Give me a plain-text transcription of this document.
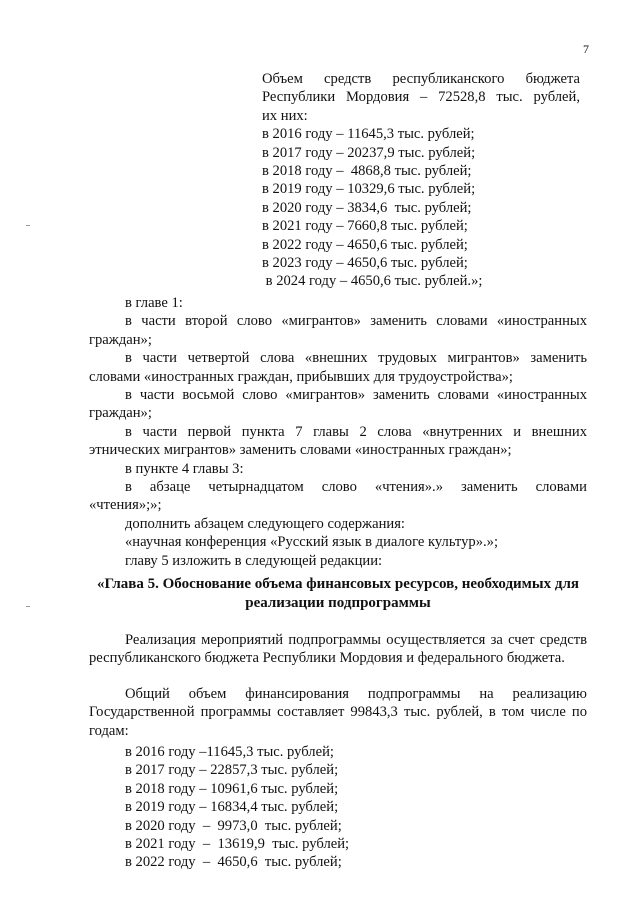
7
Объем средств республиканского бюджета
Республики Мордовия – 72528,8 тыс. рублей,
их них:
в 2016 году – 11645,3 тыс. рублей;
в 2017 году – 20237,9 тыс. рублей;
в 2018 году –  4868,8 тыс. рублей;
в 2019 году – 10329,6 тыс. рублей;
в 2020 году – 3834,6  тыс. рублей;
в 2021 году – 7660,8 тыс. рублей;
в 2022 году – 4650,6 тыс. рублей;
в 2023 году – 4650,6 тыс. рублей;
в 2024 году – 4650,6 тыс. рублей.»;

в главе 1:

в части второй слово «мигрантов» заменить словами «иностранных граждан»;

в части четвертой слова «внешних трудовых мигрантов» заменить словами «иностранных граждан, прибывших для трудоустройства»;

в части восьмой слово «мигрантов» заменить словами «иностранных граждан»;

в части первой пункта 7 главы 2 слова «внутренних и внешних этнических мигрантов» заменить словами «иностранных граждан»;

в пункте 4 главы 3:

в абзаце четырнадцатом слово «чтения».» заменить словами

«чтения»;»;

дополнить абзацем следующего содержания:

«научная конференция «Русский язык в диалоге культур».»;

главу 5 изложить в следующей редакции:

«Глава 5. Обоснование объема финансовых ресурсов, необходимых для реализации подпрограммы

Реализация мероприятий подпрограммы осуществляется за счет средств республиканского бюджета Республики Мордовия и федерального бюджета.

Общий объем финансирования подпрограммы на реализацию

Государственной программы составляет 99843,3 тыс. рублей, в том числе по годам:

в 2016 году –11645,3 тыс. рублей;
в 2017 году – 22857,3 тыс. рублей;
в 2018 году – 10961,6 тыс. рублей;
в 2019 году – 16834,4 тыс. рублей;
в 2020 году  –  9973,0  тыс. рублей;
в 2021 году  –  13619,9  тыс. рублей;
в 2022 году  –  4650,6  тыс. рублей;
